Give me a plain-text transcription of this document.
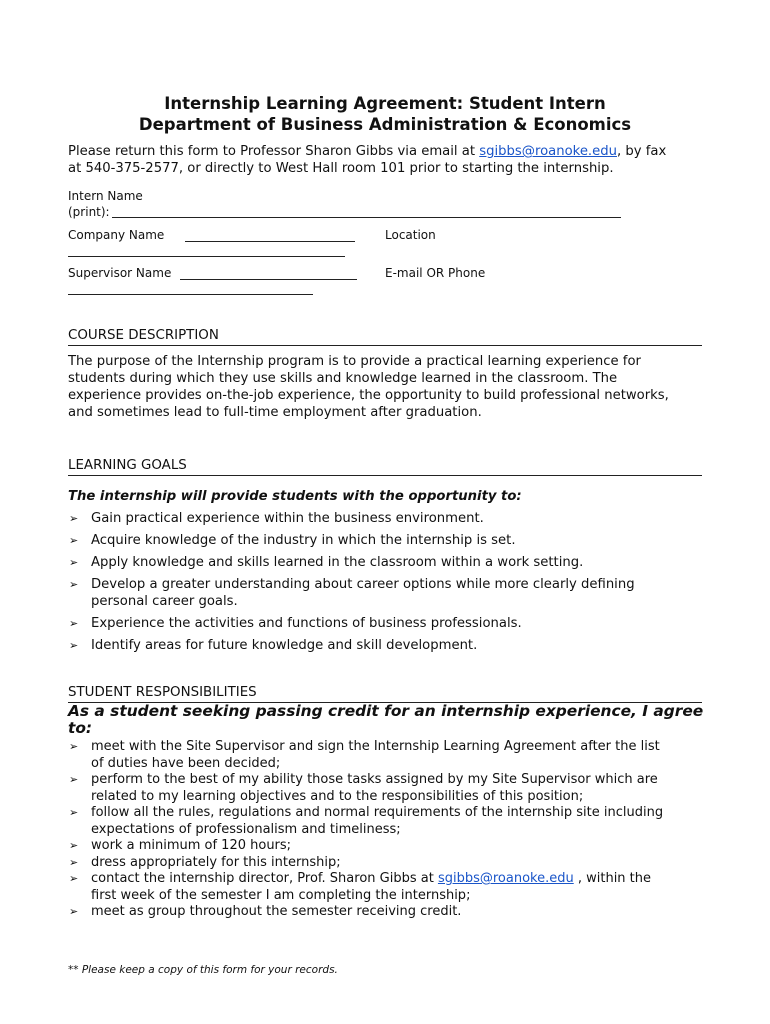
Internship Learning Agreement: Student Intern
Department of Business Administration & Economics
Please return this form to Professor Sharon Gibbs via email at sgibbs@roanoke.edu, by fax
at 540-375-2577, or directly to West Hall room 101 prior to starting the internship.
Intern Name
(print):
Company Name	Location
Supervisor Name	E-mail OR Phone
COURSE DESCRIPTION
The purpose of the Internship program is to provide a practical learning experience for
students during which they use skills and knowledge learned in the classroom. The
experience provides on-the-job experience, the opportunity to build professional networks,
and sometimes lead to full-time employment after graduation.
LEARNING GOALS
The internship will provide students with the opportunity to:
➢ Gain practical experience within the business environment.
➢ Acquire knowledge of the industry in which the internship is set.
➢ Apply knowledge and skills learned in the classroom within a work setting.
➢ Develop a greater understanding about career options while more clearly defining
personal career goals.
➢ Experience the activities and functions of business professionals.
➢ Identify areas for future knowledge and skill development.
STUDENT RESPONSIBILITIES
As a student seeking passing credit for an internship experience, I agree
to:
➢ meet with the Site Supervisor and sign the Internship Learning Agreement after the list
of duties have been decided;
➢ perform to the best of my ability those tasks assigned by my Site Supervisor which are
related to my learning objectives and to the responsibilities of this position;
➢ follow all the rules, regulations and normal requirements of the internship site including
expectations of professionalism and timeliness;
➢ work a minimum of 120 hours;
➢ dress appropriately for this internship;
➢ contact the internship director, Prof. Sharon Gibbs at sgibbs@roanoke.edu , within the
first week of the semester I am completing the internship;
➢ meet as group throughout the semester receiving credit.
** Please keep a copy of this form for your records.
